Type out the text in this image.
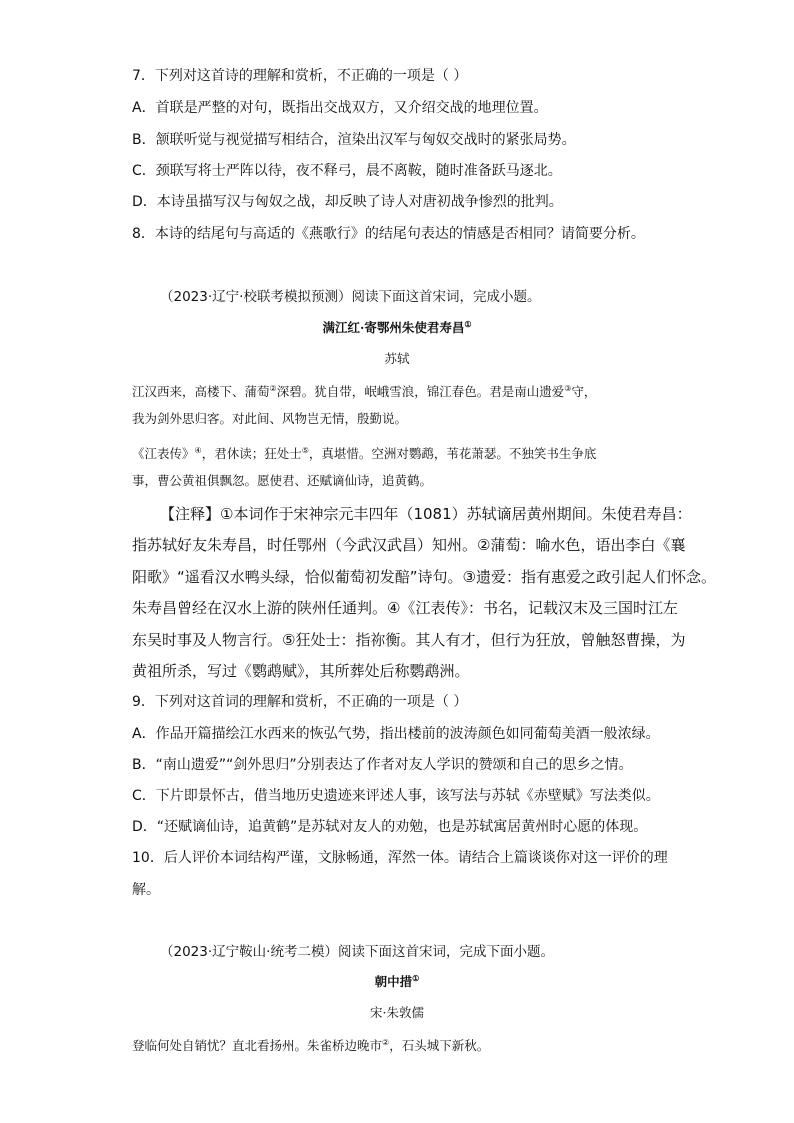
7．下列对这首诗的理解和赏析，不正确的一项是（ ）
A．首联是严整的对句，既指出交战双方，又介绍交战的地理位置。
B．颔联听觉与视觉描写相结合，渲染出汉军与匈奴交战时的紧张局势。
C．颈联写将士严阵以待，夜不释弓，晨不离鞍，随时准备跃马逐北。
D．本诗虽描写汉与匈奴之战，却反映了诗人对唐初战争惨烈的批判。
8．本诗的结尾句与高适的《燕歌行》的结尾句表达的情感是否相同？请简要分析。
（2023·辽宁·校联考模拟预测）阅读下面这首宋词，完成小题。
满江红·寄鄂州朱使君寿昌①
苏轼
江汉西来，高楼下、蒲萄②深碧。犹自带，岷峨雪浪，锦江春色。君是南山遗爱③守，
我为剑外思归客。对此间、风物岂无情，殷勤说。
《江表传》④，君休读；狂处士⑤，真堪惜。空洲对鹦鹉，苇花萧瑟。不独笑书生争底
事，曹公黄祖俱飘忽。愿使君、还赋谪仙诗，追黄鹤。
【注释】①本词作于宋神宗元丰四年（1081）苏轼谪居黄州期间。朱使君寿昌：
指苏轼好友朱寿昌，时任鄂州（今武汉武昌）知州。②蒲萄：喻水色，语出李白《襄
阳歌》“遥看汉水鸭头绿，恰似葡萄初发醅”诗句。③遗爱：指有惠爱之政引起人们怀念。
朱寿昌曾经在汉水上游的陕州任通判。④《江表传》：书名，记载汉末及三国时江左
东吴时事及人物言行。⑤狂处士：指祢衡。其人有才，但行为狂放，曾触怒曹操，为
黄祖所杀，写过《鹦鹉赋》，其所葬处后称鹦鹉洲。
9．下列对这首词的理解和赏析，不正确的一项是（ ）
A．作品开篇描绘江水西来的恢弘气势，指出楼前的波涛颜色如同葡萄美酒一般浓绿。
B．“南山遗爱”“剑外思归”分别表达了作者对友人学识的赞颂和自己的思乡之情。
C．下片即景怀古，借当地历史遗迹来评述人事，该写法与苏轼《赤壁赋》写法类似。
D．“还赋谪仙诗，追黄鹤”是苏轼对友人的劝勉，也是苏轼寓居黄州时心愿的体现。
10．后人评价本词结构严谨，文脉畅通，浑然一体。请结合上篇谈谈你对这一评价的理
解。
（2023·辽宁鞍山·统考二模）阅读下面这首宋词，完成下面小题。
朝中措①
宋·朱敦儒
登临何处自销忧？直北看扬州。朱雀桥边晚市②，石头城下新秋。
